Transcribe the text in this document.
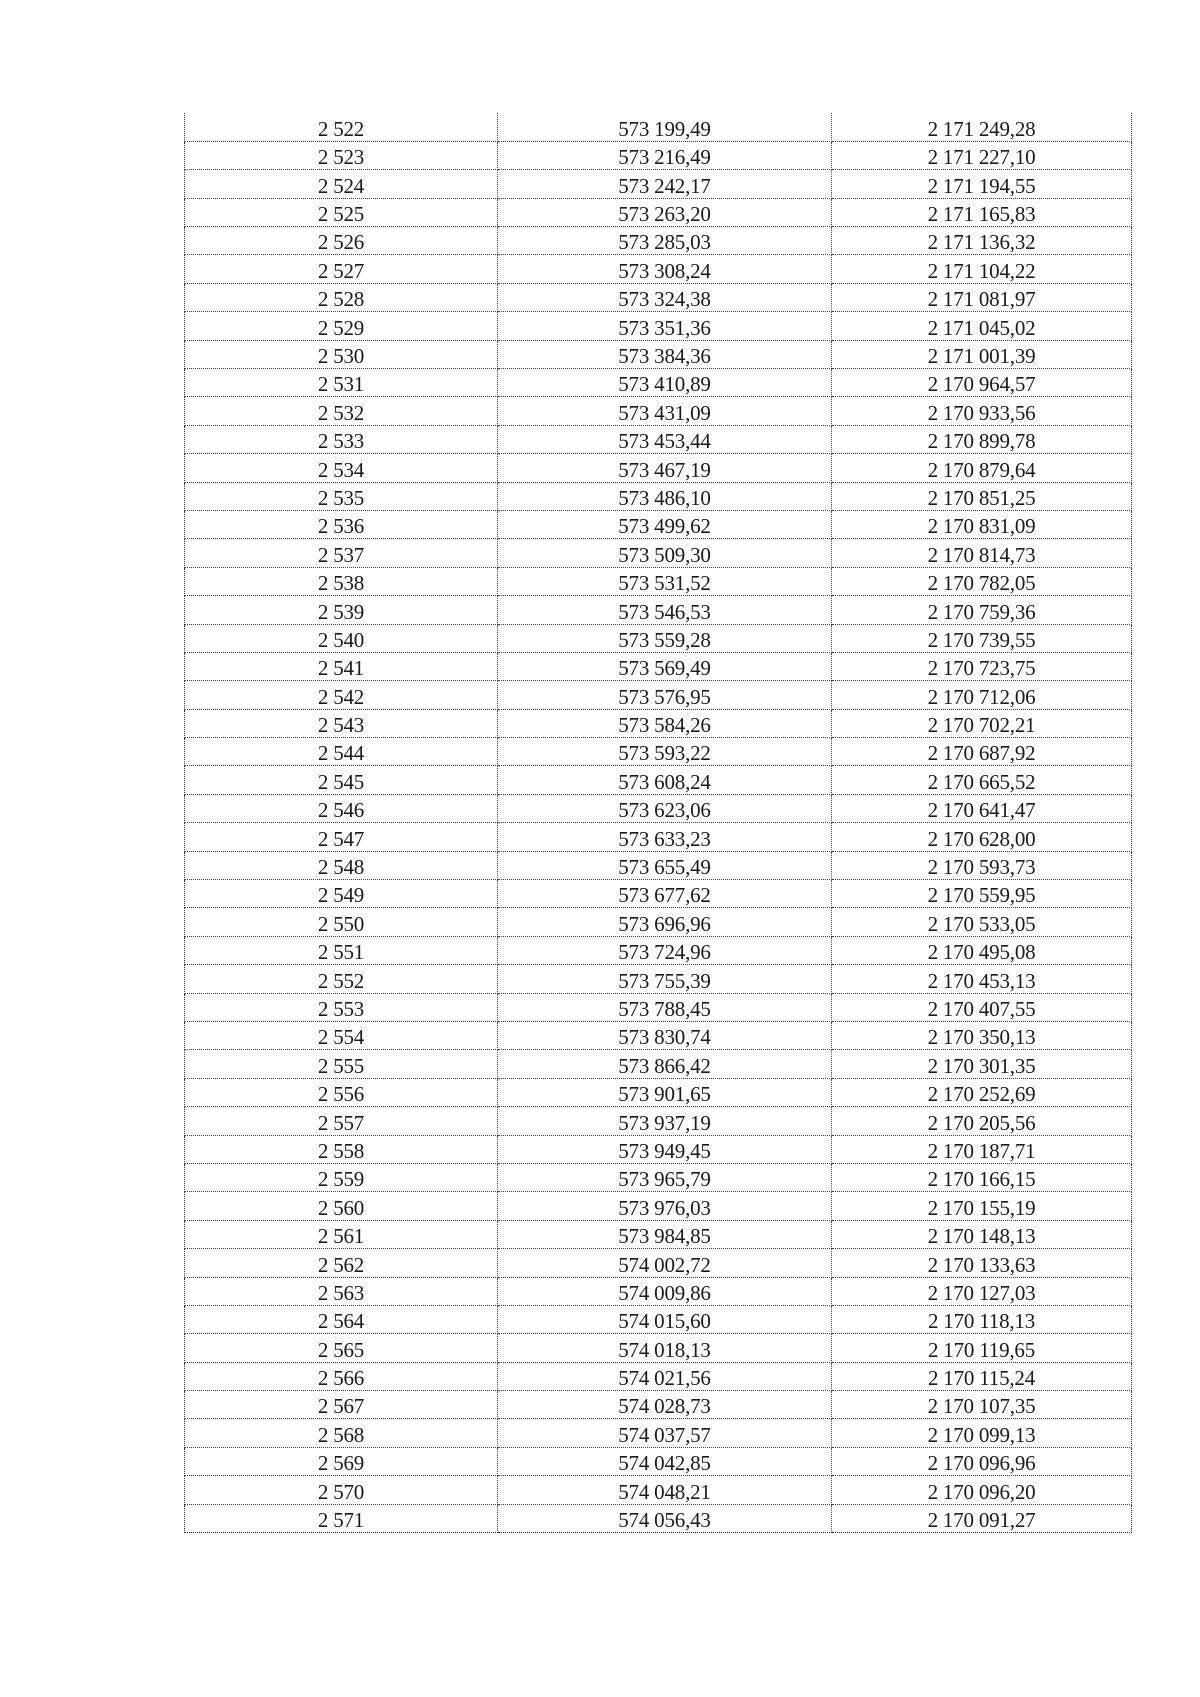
2 522	573 199,49	2 171 249,28
2 523	573 216,49	2 171 227,10
2 524	573 242,17	2 171 194,55
2 525	573 263,20	2 171 165,83
2 526	573 285,03	2 171 136,32
2 527	573 308,24	2 171 104,22
2 528	573 324,38	2 171 081,97
2 529	573 351,36	2 171 045,02
2 530	573 384,36	2 171 001,39
2 531	573 410,89	2 170 964,57
2 532	573 431,09	2 170 933,56
2 533	573 453,44	2 170 899,78
2 534	573 467,19	2 170 879,64
2 535	573 486,10	2 170 851,25
2 536	573 499,62	2 170 831,09
2 537	573 509,30	2 170 814,73
2 538	573 531,52	2 170 782,05
2 539	573 546,53	2 170 759,36
2 540	573 559,28	2 170 739,55
2 541	573 569,49	2 170 723,75
2 542	573 576,95	2 170 712,06
2 543	573 584,26	2 170 702,21
2 544	573 593,22	2 170 687,92
2 545	573 608,24	2 170 665,52
2 546	573 623,06	2 170 641,47
2 547	573 633,23	2 170 628,00
2 548	573 655,49	2 170 593,73
2 549	573 677,62	2 170 559,95
2 550	573 696,96	2 170 533,05
2 551	573 724,96	2 170 495,08
2 552	573 755,39	2 170 453,13
2 553	573 788,45	2 170 407,55
2 554	573 830,74	2 170 350,13
2 555	573 866,42	2 170 301,35
2 556	573 901,65	2 170 252,69
2 557	573 937,19	2 170 205,56
2 558	573 949,45	2 170 187,71
2 559	573 965,79	2 170 166,15
2 560	573 976,03	2 170 155,19
2 561	573 984,85	2 170 148,13
2 562	574 002,72	2 170 133,63
2 563	574 009,86	2 170 127,03
2 564	574 015,60	2 170 118,13
2 565	574 018,13	2 170 119,65
2 566	574 021,56	2 170 115,24
2 567	574 028,73	2 170 107,35
2 568	574 037,57	2 170 099,13
2 569	574 042,85	2 170 096,96
2 570	574 048,21	2 170 096,20
2 571	574 056,43	2 170 091,27
